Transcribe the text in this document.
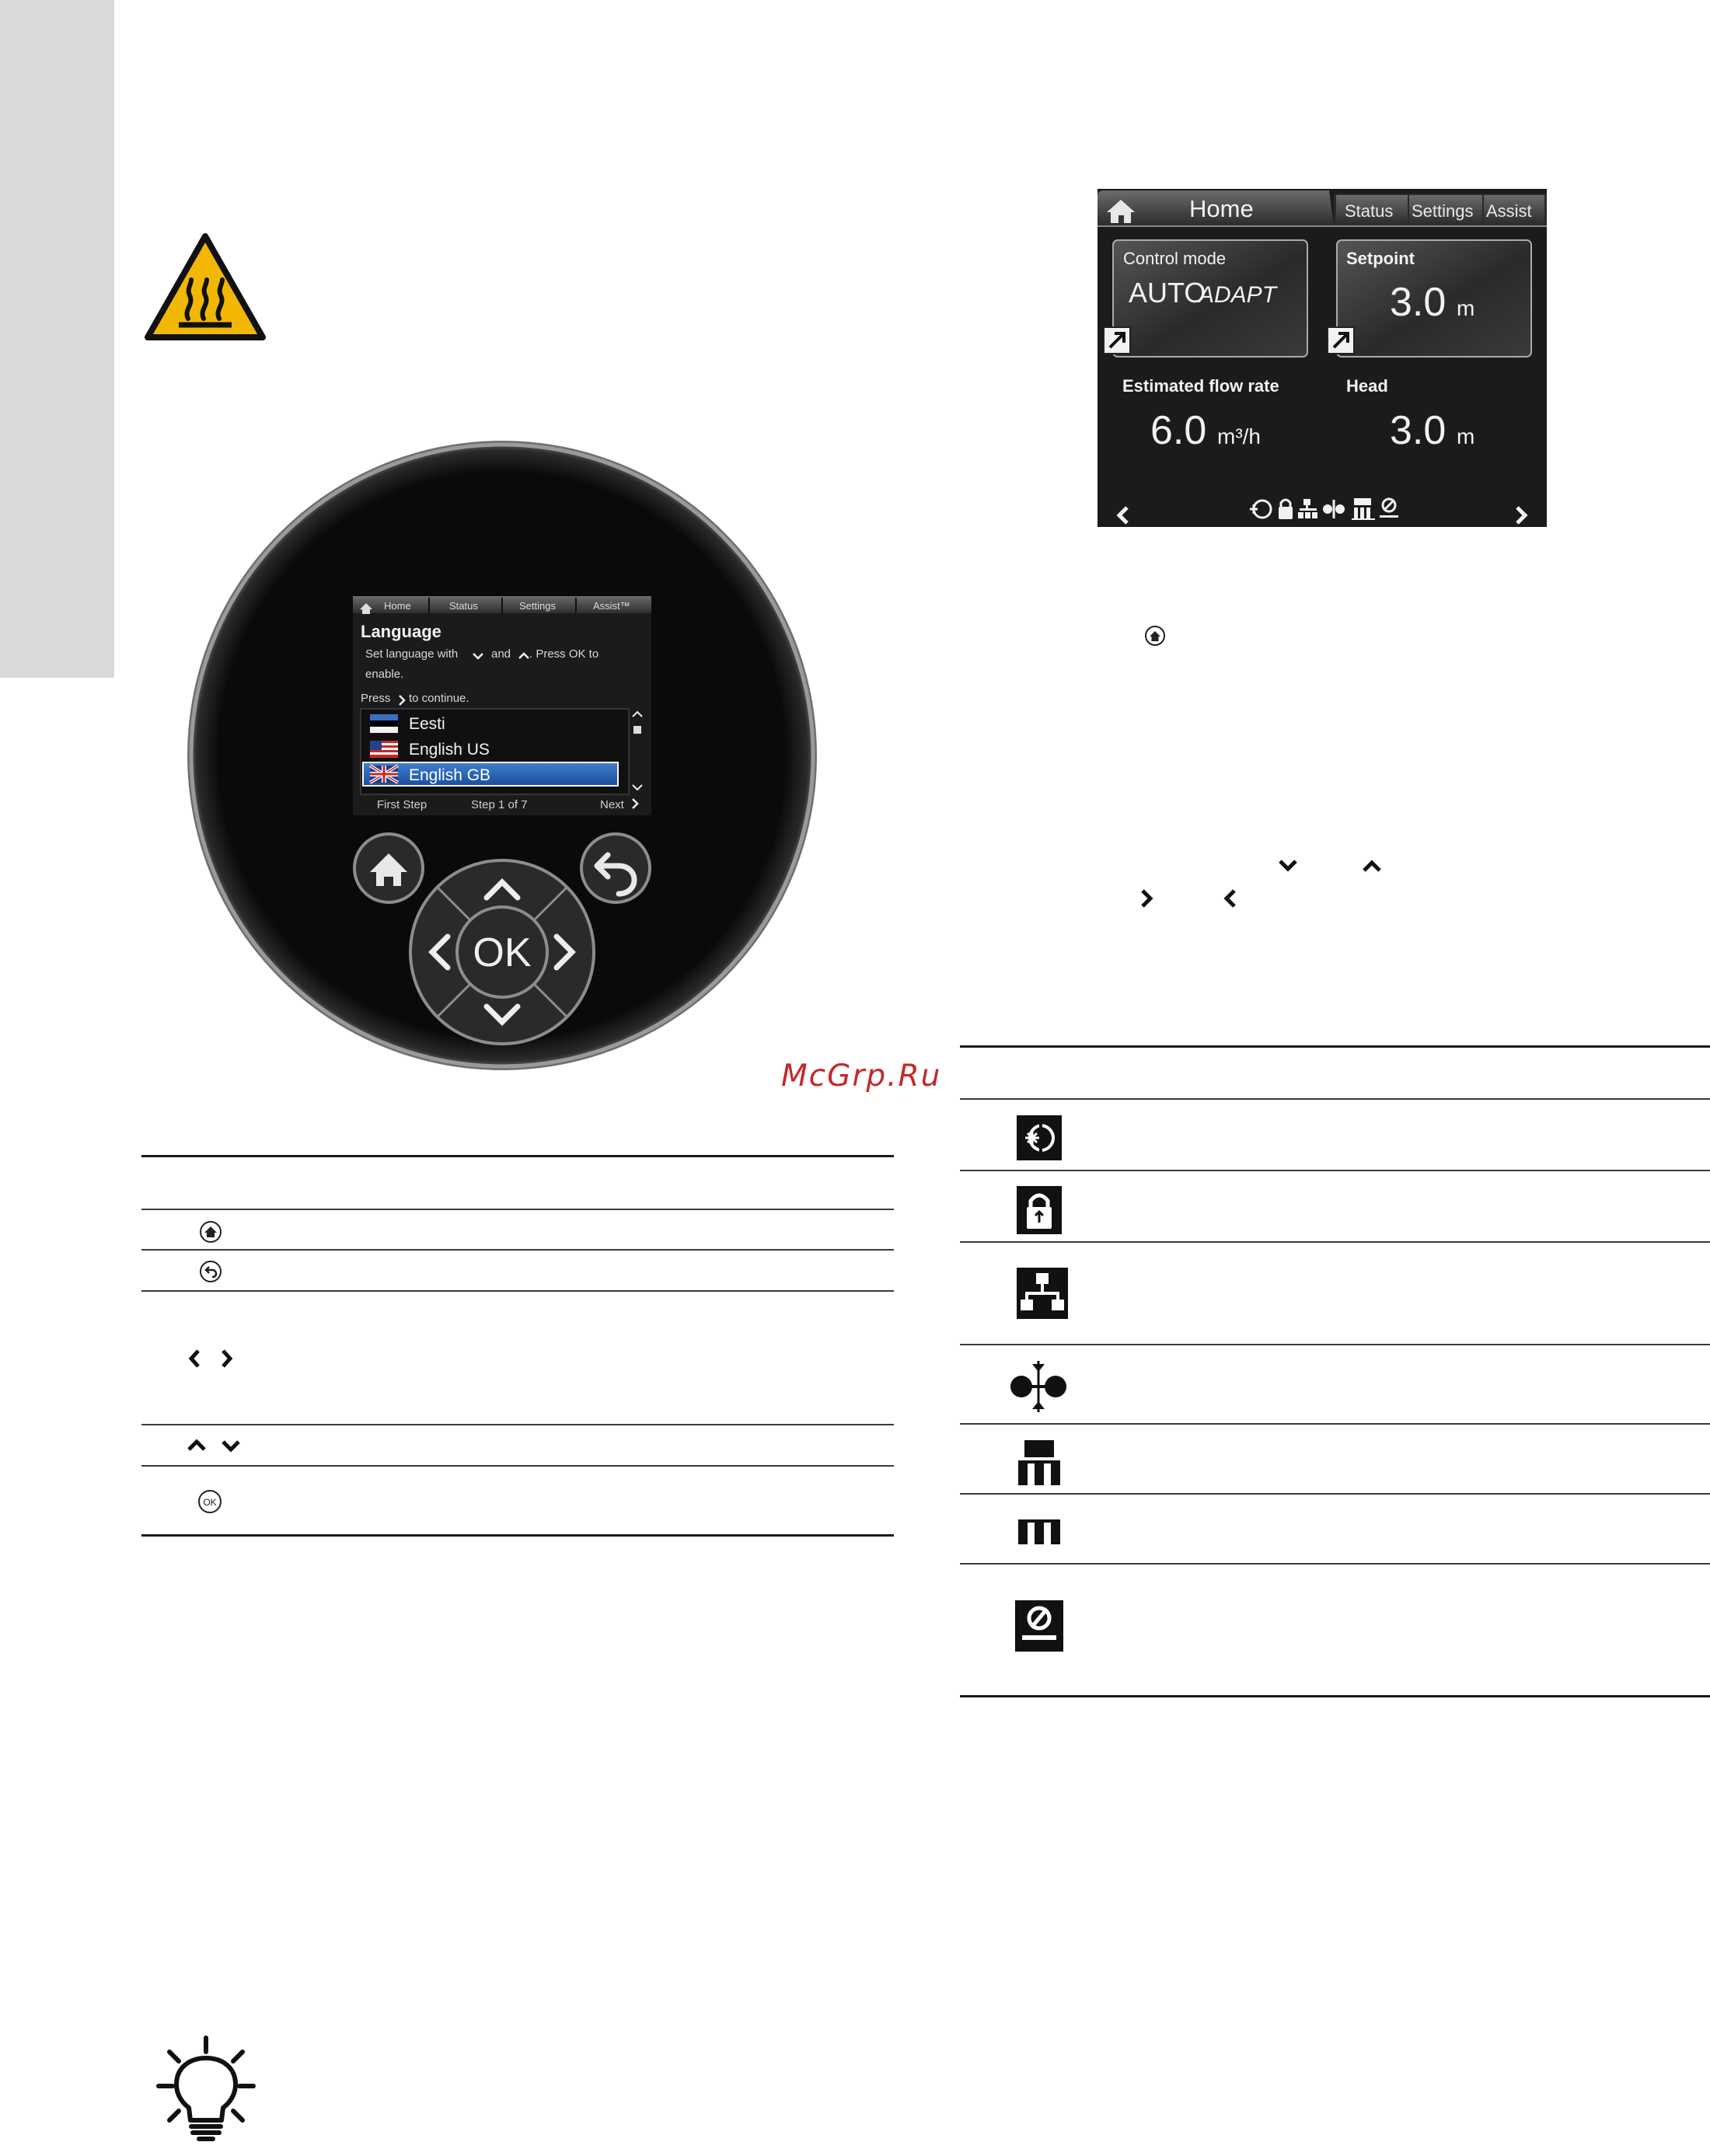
Home	Status	Settings	Assist™
Language
Set language with	and . Press OK to
enable.
Press to continue.
Eesti
English US
English GB
First Step	Step 1 of 7	Next
OK
McGrp.Ru
Home	Status Settings Assist
Control mode
AUTO
ADAPT
Setpoint
3.0 m
Estimated flow rate
6.0 m³/h
Head
3.0 m
OK
